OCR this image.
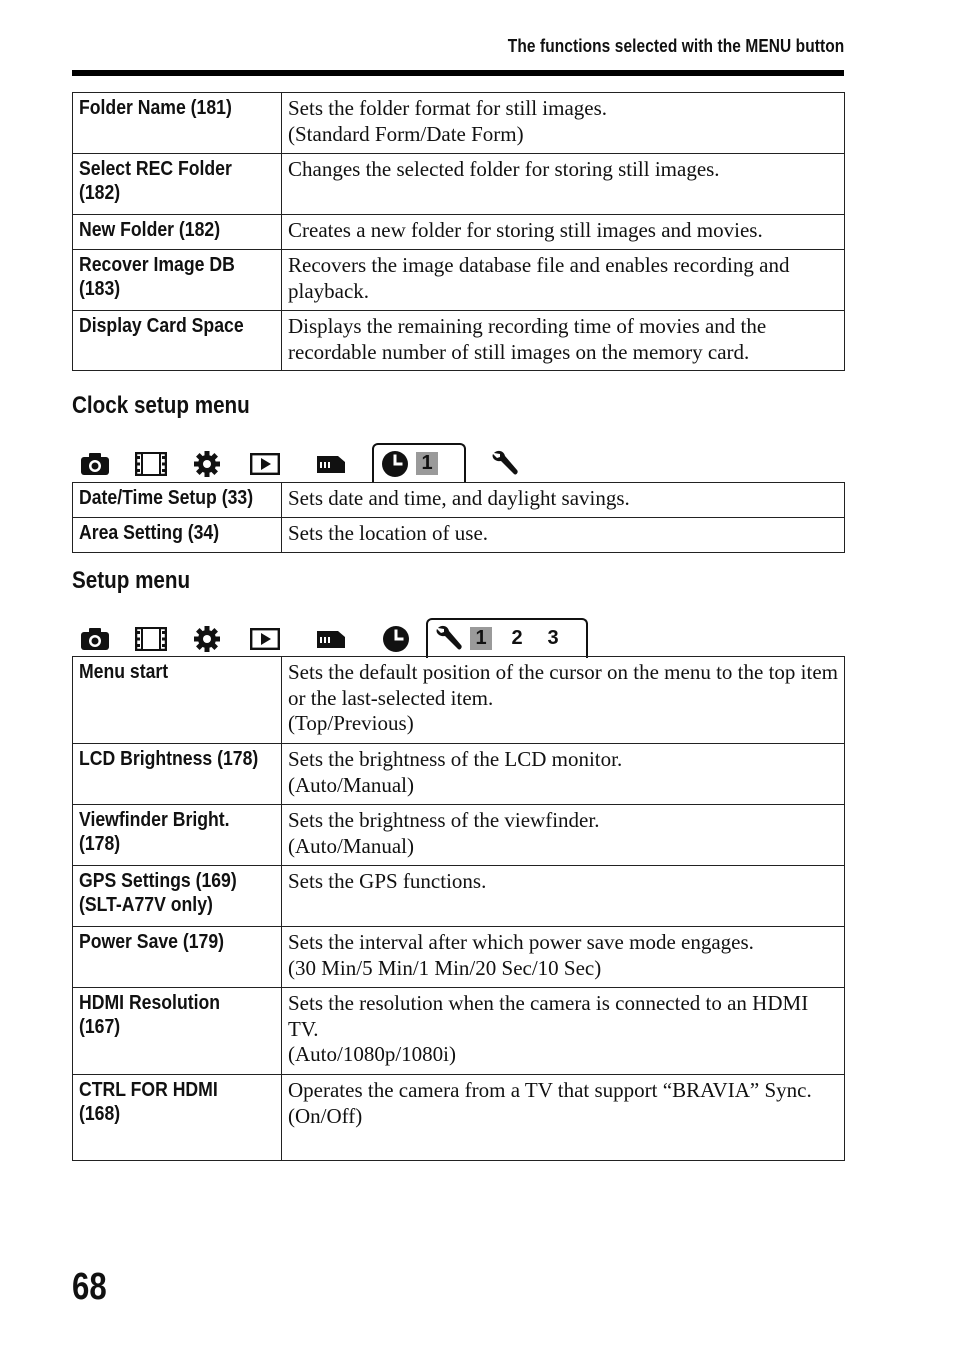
The functions selected with the MENU button
Folder Name (181)	Sets the folder format for still images.
(Standard Form/Date Form)
Select REC Folder
(182)	Changes the selected folder for storing still images.
New Folder (182)	Creates a new folder for storing still images and movies.
Recover Image DB
(183)	Recovers the image database file and enables recording and playback.
Display Card Space	Displays the remaining recording time of movies and the recordable number of still images on the memory card.
Clock setup menu
1
Date/Time Setup (33)	Sets date and time, and daylight savings.
Area Setting (34)	Sets the location of use.
Setup menu
1 2 3
Menu start	Sets the default position of the cursor on the menu to the top item or the last-selected item.
(Top/Previous)
LCD Brightness (178)	Sets the brightness of the LCD monitor.
(Auto/Manual)
Viewfinder Bright.
(178)	Sets the brightness of the viewfinder.
(Auto/Manual)
GPS Settings (169)
(SLT-A77V only)	Sets the GPS functions.
Power Save (179)	Sets the interval after which power save mode engages.
(30 Min/5 Min/1 Min/20 Sec/10 Sec)
HDMI Resolution
(167)	Sets the resolution when the camera is connected to an HDMI TV.
(Auto/1080p/1080i)
CTRL FOR HDMI
(168)	Operates the camera from a TV that support “BRAVIA” Sync.
(On/Off)
68
